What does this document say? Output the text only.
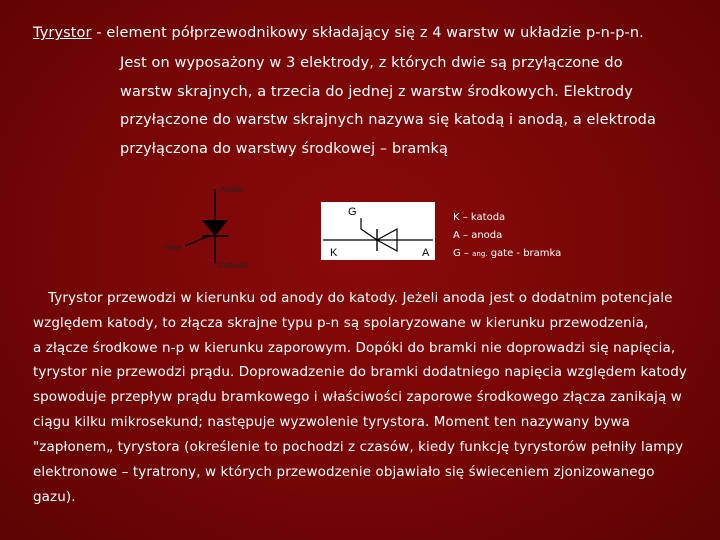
Tyrystor - element półprzewodnikowy składający się z 4 warstw w układzie p-n-p-n.
Jest on wyposażony w 3 elektrody, z których dwie są przyłączone do
warstw skrajnych, a trzecia do jednej z warstw środkowych. Elektrody
przyłączone do warstw skrajnych nazywa się katodą i anodą, a elektroda
przyłączona do warstwy środkowej – bramką
Anode
Gate
Cathode
G
K	A
K – katoda
A – anoda
G – ang. gate - bramka
Tyrystor przewodzi w kierunku od anody do katody. Jeżeli anoda jest o dodatnim potencjale
względem katody, to złącza skrajne typu p-n są spolaryzowane w kierunku przewodzenia,
a złącze środkowe n-p w kierunku zaporowym. Dopóki do bramki nie doprowadzi się napięcia,
tyrystor nie przewodzi prądu. Doprowadzenie do bramki dodatniego napięcia względem katody
spowoduje przepływ prądu bramkowego i właściwości zaporowe środkowego złącza zanikają w
ciągu kilku mikrosekund; następuje wyzwolenie tyrystora. Moment ten nazywany bywa
"zapłonem„ tyrystora (określenie to pochodzi z czasów, kiedy funkcję tyrystorów pełniły lampy
elektronowe – tyratrony, w których przewodzenie objawiało się świeceniem zjonizowanego
gazu).
